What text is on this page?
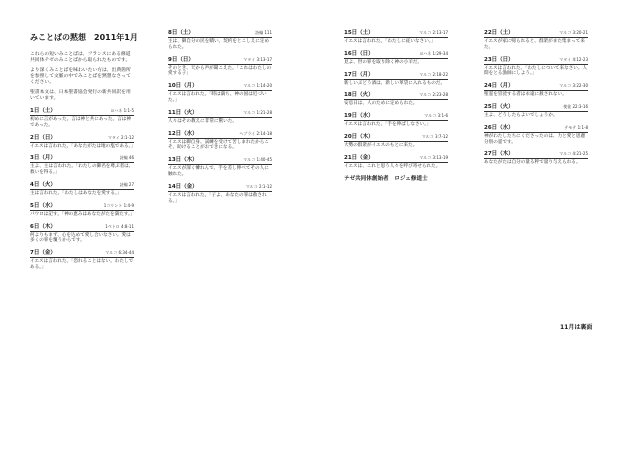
みことばの黙想　2011年1月
これらの短いみことばは、フランスにある修道共同体テゼのみことばから取られたものです。
より深くみことばを味わいたい方は、出典箇所を参照して文脈の中でみことばを黙想なさってください。
聖書本文は、日本聖書協会発行の新共同訳を用いています。
1日（土）	ヨハネ 1:1-5
初めに言があった。言は神と共にあった。言は神であった。
2日（日）	マタイ 2:1-12
イエスは言われた。「あなたがたは地の塩である。」
3日（月）	詩編 46
主よ、主は言われた。「わたしの御名を尊ぶ者は、救いを得る。」
4日（火）	詩編 27
主は言われた。「わたしはあなたを愛する。」
5日（水）	1コリント 1:4-9
パウロは記す。「神の恵みはあなたがたを満たす。」
6日（木）	1ペトロ 4:8-11
何よりもまず、心を込めて愛し合いなさい。愛は多くの罪を覆うからです。
7日（金）	マルコ 6:34-44
イエスは言われた。「恐れることはない。わたしである。」
8日（土）	詩編 111
主は、御自分の民を贖い、契約をとこしえに定められた。
9日（日）	マタイ 3:13-17
そのとき、天から声が聞こえた。「これはわたしの愛する子」
10日（月）	マルコ 1:14-20
イエスは言われた。「時は満ち、神の国は近づいた。」
11日（火）	マルコ 1:21-28
人々はその教えに非常に驚いた。
12日（水）	ヘブライ 2:14-18
イエスは御自身、試練を受けて苦しまれたからこそ、助けることがおできになる。
13日（木）	マルコ 1:40-45
イエスが深く憐れんで、手を差し伸べてその人に触れた。
14日（金）	マルコ 2:1-12
イエスは言われた。「子よ、あなたの罪は赦される。」
15日（土）	マルコ 2:13-17
イエスは言われた。「わたしに従いなさい。」
16日（日）	ヨハネ 1:29-34
見よ、世の罪を取り除く神の小羊だ。
17日（月）	マルコ 2:18-22
新しいぶどう酒は、新しい革袋に入れるものだ。
18日（火）	マルコ 2:23-28
安息日は、人のために定められた。
19日（水）	マルコ 3:1-6
イエスは言われた。「手を伸ばしなさい。」
20日（木）	マルコ 3:7-12
大勢の群衆がイエスのもとに来た。
21日（金）	マルコ 3:13-19
イエスは、これと思う人々を呼び寄せられた。
テゼ共同体創始者　ロジェ修道士
22日（土）	マルコ 3:20-21
イエスが家に帰られると、群衆がまた集まって来た。
23日（日）	マタイ 4:12-23
イエスは言われた。「わたしについて来なさい。人間をとる漁師にしよう。」
24日（月）	マルコ 3:22-30
聖霊を冒涜する者は永遠に赦されない。
25日（火）	使徒 22:3-16
主よ、どうしたらよいでしょうか。
26日（水）	テモテ 1:1-8
神がわたしたちにくださったのは、力と愛と思慮分別の霊です。
27日（木）	マルコ 4:21-25
あなたがたは自分の量る秤で量り与えられる。
11月は裏面
